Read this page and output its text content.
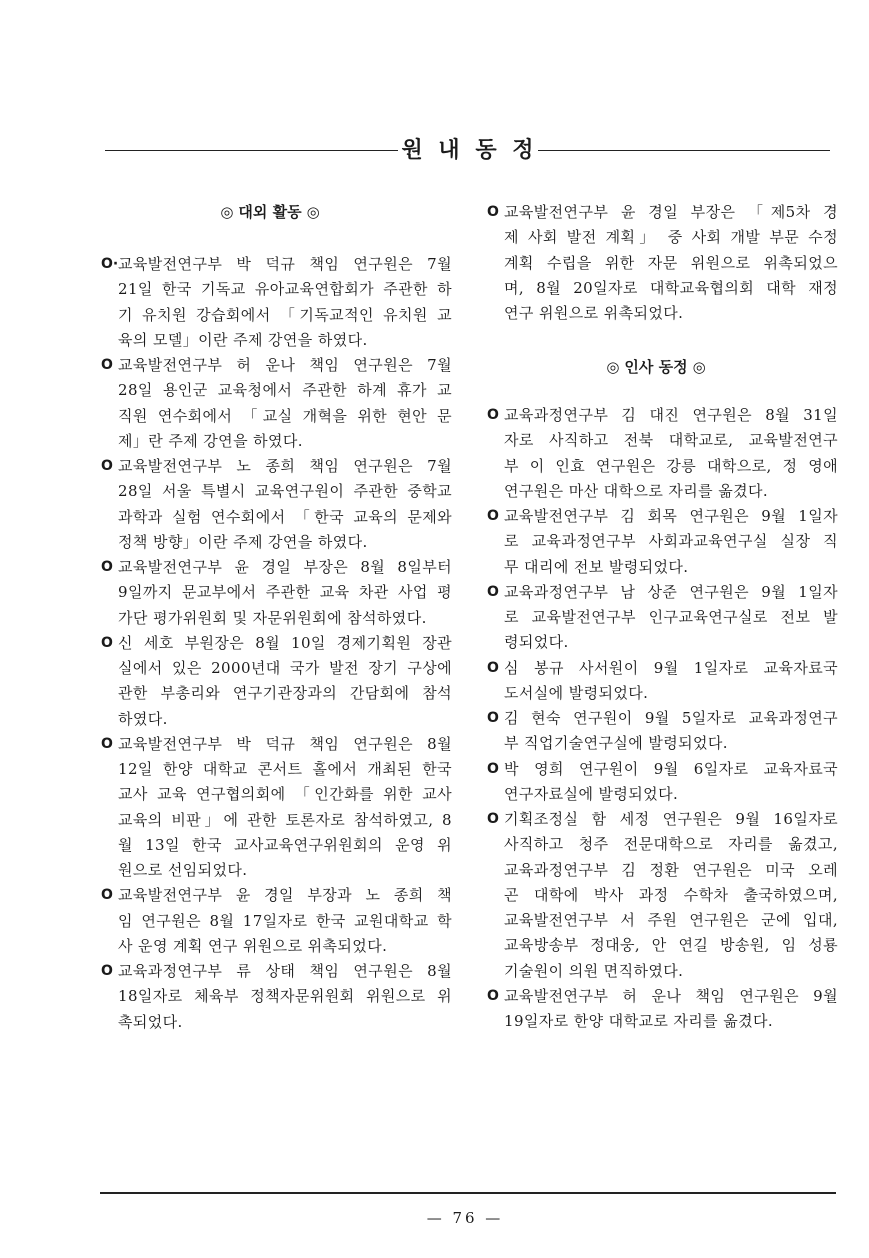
원 내 동 정
◎ 대외 활동 ◎
O· 교육발전연구부 박 덕규 책임 연구원은 7월
21일 한국 기독교 유아교육연합회가 주관한 하
기 유치원 강습회에서 「기독교적인 유치원 교
육의 모델」이란 주제 강연을 하였다.
O 교육발전연구부 허 운나 책임 연구원은 7월
28일 용인군 교육청에서 주관한 하계 휴가 교
직원 연수회에서 「교실 개혁을 위한 현안 문
제」란 주제 강연을 하였다.
O 교육발전연구부 노 종희 책임 연구원은 7월
28일 서울 특별시 교육연구원이 주관한 중학교
과학과 실험 연수회에서 「한국 교육의 문제와
정책 방향」이란 주제 강연을 하였다.
O 교육발전연구부 윤 경일 부장은 8월 8일부터
9일까지 문교부에서 주관한 교육 차관 사업 평
가단 평가위원회 및 자문위원회에 참석하였다.
O 신 세호 부원장은 8월 10일 경제기획원 장관
실에서 있은 2000년대 국가 발전 장기 구상에
관한 부총리와 연구기관장과의 간담회에 참석
하였다.
O 교육발전연구부 박 덕규 책임 연구원은 8월
12일 한양 대학교 콘서트 홀에서 개최된 한국
교사 교육 연구협의회에 「인간화를 위한 교사
교육의 비판」에 관한 토론자로 참석하였고, 8
월 13일 한국 교사교육연구위원회의 운영 위
원으로 선임되었다.
O 교육발전연구부 윤 경일 부장과 노 종희 책
임 연구원은 8월 17일자로 한국 교원대학교 학
사 운영 계획 연구 위원으로 위촉되었다.
O 교육과정연구부 류 상태 책임 연구원은 8월
18일자로 체육부 정책자문위원회 위원으로 위
촉되었다.
O 교육발전연구부 윤 경일 부장은 「제5차 경
제 사회 발전 계획」 중 사회 개발 부문 수정
계획 수립을 위한 자문 위원으로 위촉되었으
며, 8월 20일자로 대학교육협의회 대학 재정
연구 위원으로 위촉되었다.
◎ 인사 동정 ◎
O 교육과정연구부 김 대진 연구원은 8월 31일
자로 사직하고 전북 대학교로, 교육발전연구
부 이 인효 연구원은 강릉 대학으로, 정 영애
연구원은 마산 대학으로 자리를 옮겼다.
O 교육발전연구부 김 회목 연구원은 9월 1일자
로 교육과정연구부 사회과교육연구실 실장 직
무 대리에 전보 발령되었다.
O 교육과정연구부 남 상준 연구원은 9월 1일자
로 교육발전연구부 인구교육연구실로 전보 발
령되었다.
O 심 봉규 사서원이 9월 1일자로 교육자료국
도서실에 발령되었다.
O 김 현숙 연구원이 9월 5일자로 교육과정연구
부 직업기술연구실에 발령되었다.
O 박 영희 연구원이 9월 6일자로 교육자료국
연구자료실에 발령되었다.
O 기획조정실 함 세정 연구원은 9월 16일자로
사직하고 청주 전문대학으로 자리를 옮겼고,
교육과정연구부 김 정환 연구원은 미국 오레
곤 대학에 박사 과정 수학차 출국하였으며,
교육발전연구부 서 주원 연구원은 군에 입대,
교육방송부 정대웅, 안 연길 방송원, 임 성룡
기술원이 의원 면직하였다.
O 교육발전연구부 허 운나 책임 연구원은 9월
19일자로 한양 대학교로 자리를 옮겼다.
— 76 —
